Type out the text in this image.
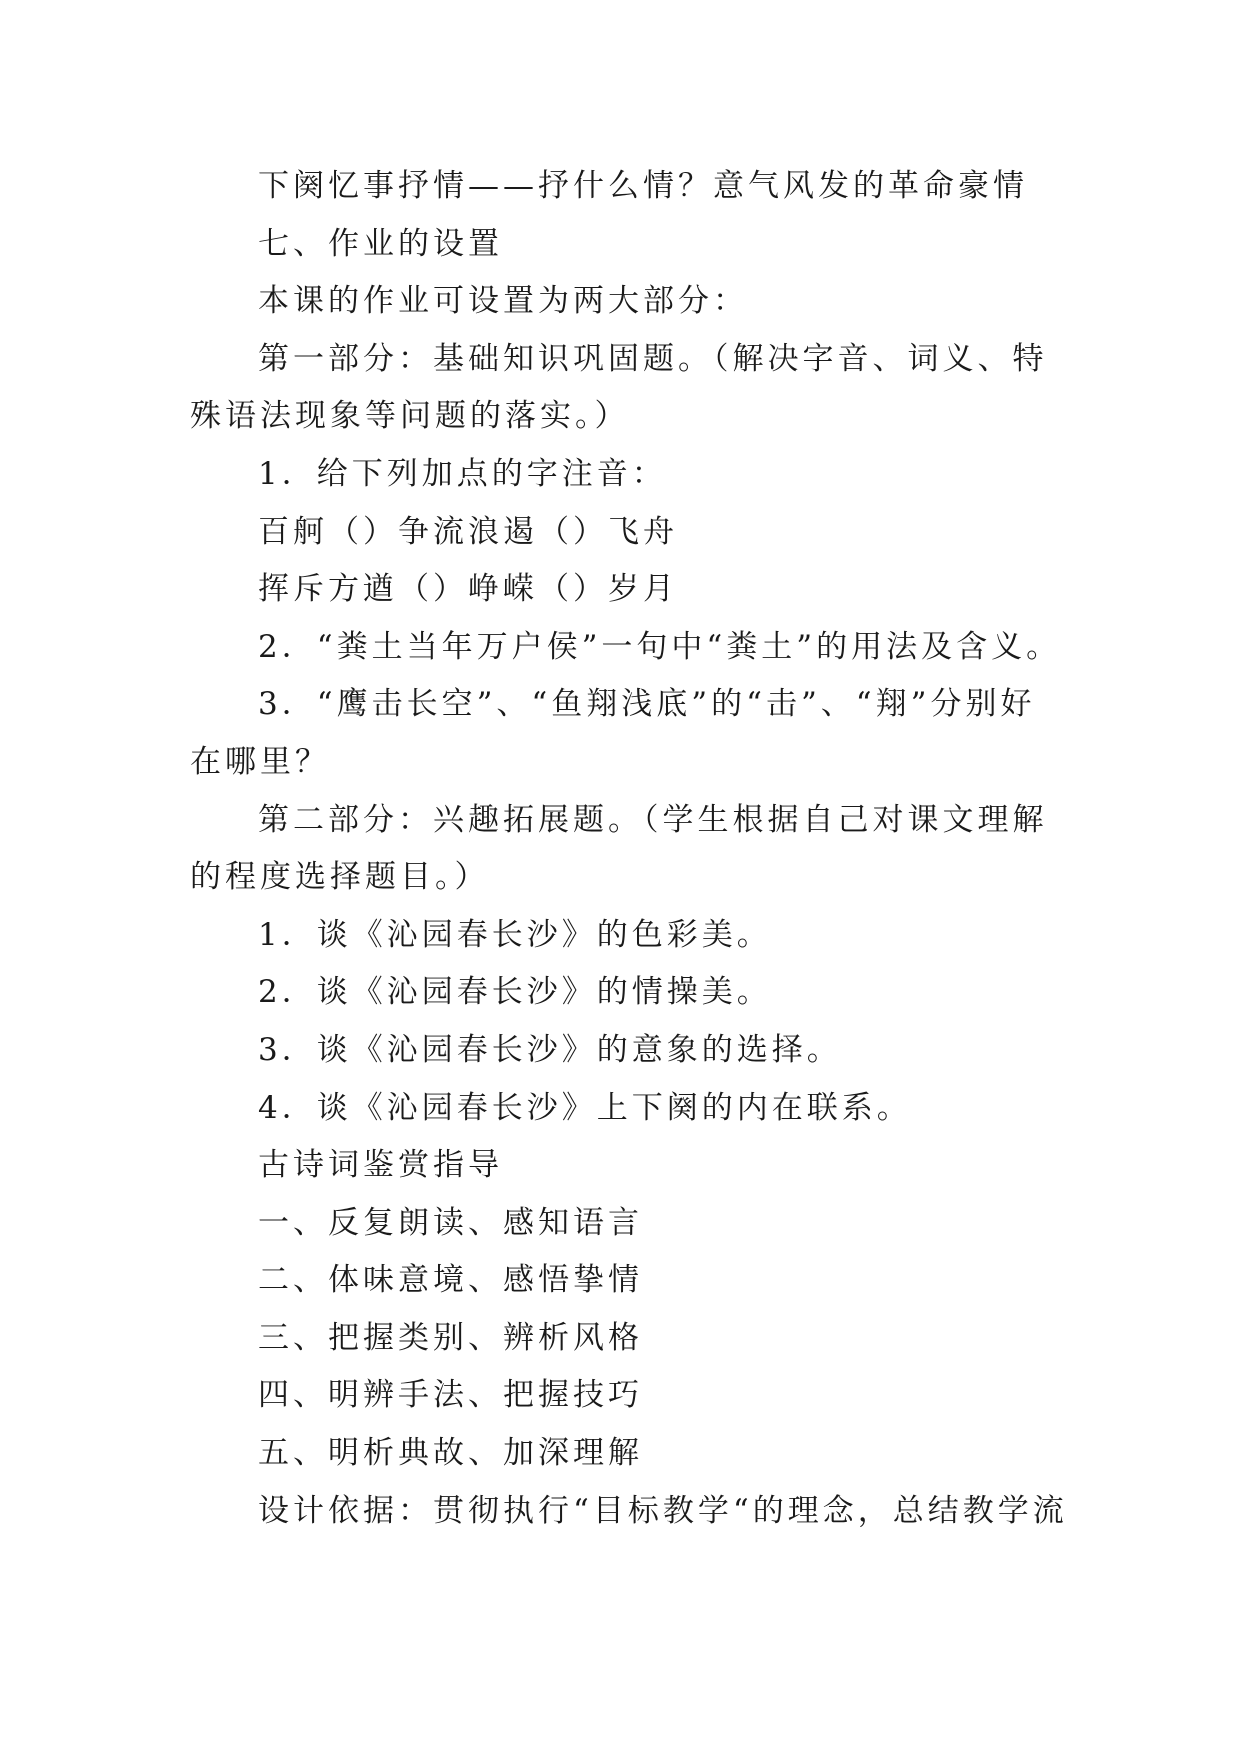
下阕忆事抒情——抒什么情？意气风发的革命豪情

七、作业的设置

本课的作业可设置为两大部分：

第一部分：基础知识巩固题。（解决字音、词义、特殊语法现象等问题的落实。）

1．给下列加点的字注音：

百舸（）争流浪遏（）飞舟

挥斥方遒（）峥嵘（）岁月

2．“粪土当年万户侯”一句中“粪土”的用法及含义。

3．“鹰击长空”、“鱼翔浅底”的“击”、“翔”分别好在哪里？

第二部分：兴趣拓展题。（学生根据自己对课文理解的程度选择题目。）

1．谈《沁园春长沙》的色彩美。

2．谈《沁园春长沙》的情操美。

3．谈《沁园春长沙》的意象的选择。

4．谈《沁园春长沙》上下阕的内在联系。

古诗词鉴赏指导

一、反复朗读、感知语言

二、体味意境、感悟挚情

三、把握类别、辨析风格

四、明辨手法、把握技巧

五、明析典故、加深理解

设计依据：贯彻执行“目标教学“的理念，总结教学流
